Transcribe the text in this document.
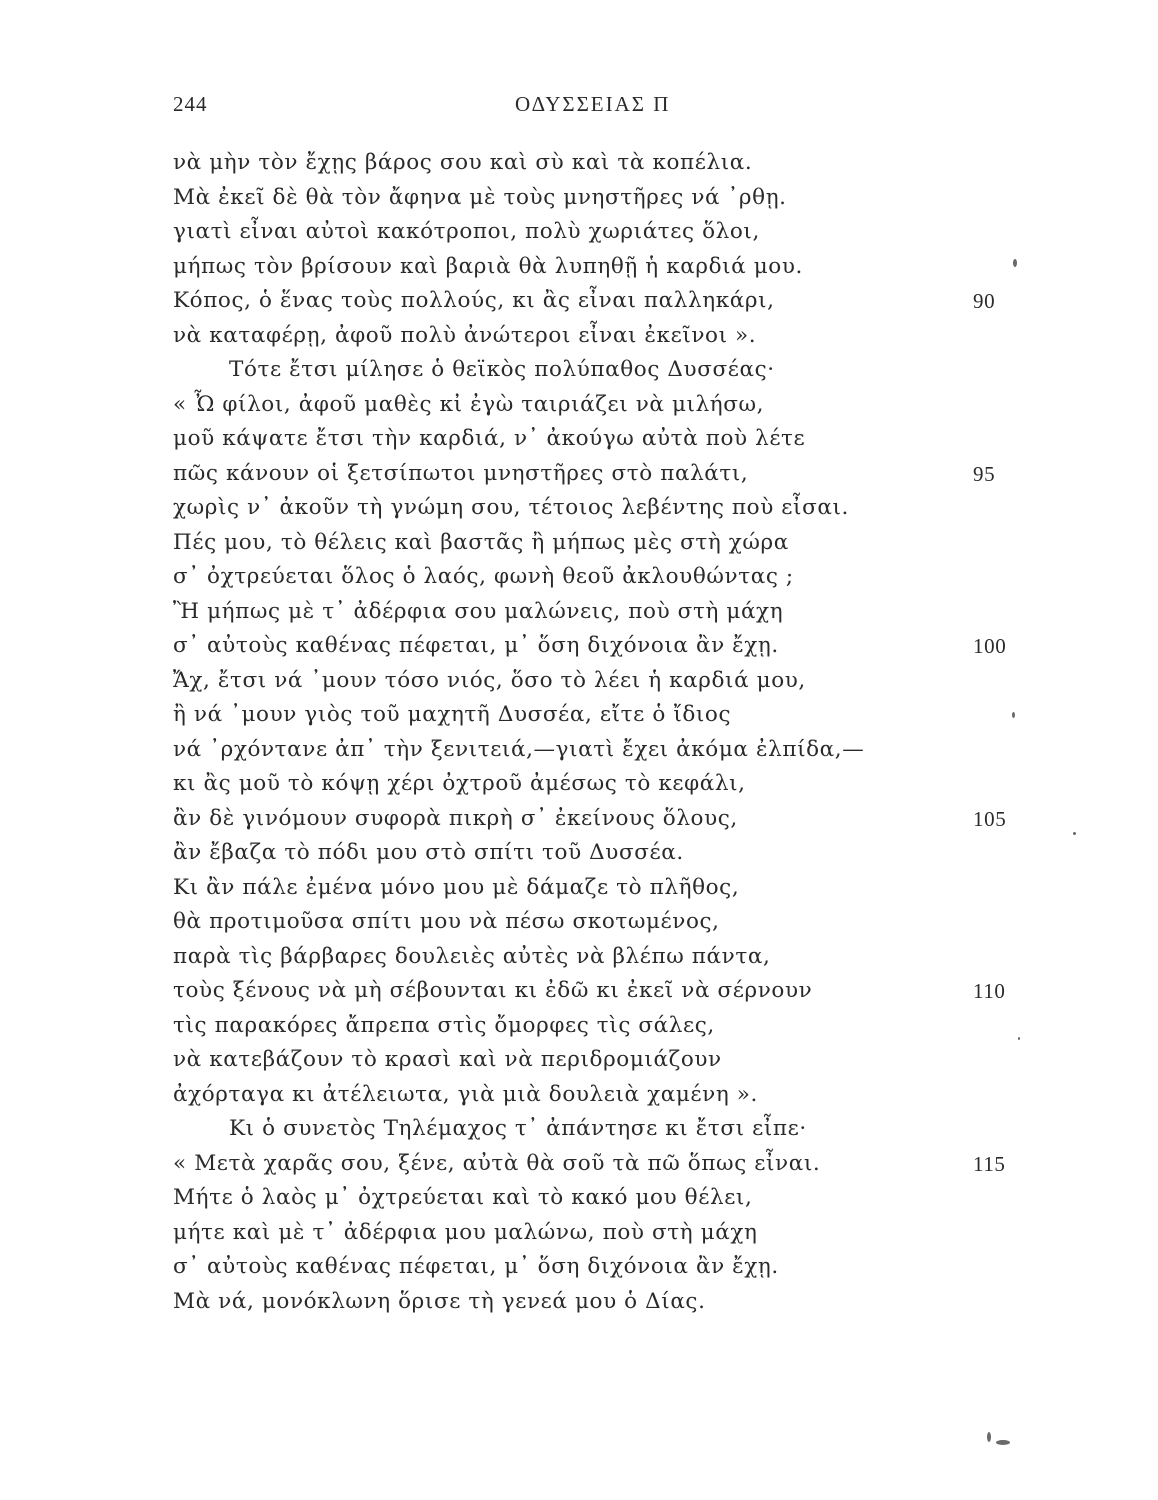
244	ΟΔΥΣΣΕΙΑΣ Π
νὰ μὴν τὸν ἔχῃς βάρος σου καὶ σὺ καὶ τὰ κοπέλια.
Μὰ ἐκεῖ δὲ θὰ τὸν ἄφηνα μὲ τοὺς μνηστῆρες νά ᾿ρθῃ.
γιατὶ εἶναι αὐτοὶ κακότροποι, πολὺ χωριάτες ὅλοι,
μήπως τὸν βρίσουν καὶ βαριὰ θὰ λυπηθῇ ἡ καρδιά μου.
Κόπος, ὁ ἕνας τοὺς πολλούς, κι ἂς εἶναι παλληκάρι,	90
νὰ καταφέρῃ, ἀφοῦ πολὺ ἀνώτεροι εἶναι ἐκεῖνοι ».
Τότε ἔτσι μίλησε ὁ θεϊκὸς πολύπαθος Δυσσέας·
« Ὦ φίλοι, ἀφοῦ μαθὲς κἰ ἐγὼ ταιριάζει νὰ μιλήσω,
μοῦ κάψατε ἔτσι τὴν καρδιά, ν᾿ ἀκούγω αὐτὰ ποὺ λέτε
πῶς κάνουν οἱ ξετσίπωτοι μνηστῆρες στὸ παλάτι,	95
χωρὶς ν᾿ ἀκοῦν τὴ γνώμη σου, τέτοιος λεβέντης ποὺ εἶσαι.
Πές μου, τὸ θέλεις καὶ βαστᾶς ἢ μήπως μὲς στὴ χώρα
σ᾿ ὀχτρεύεται ὅλος ὁ λαός, φωνὴ θεοῦ ἀκλουθώντας ;
Ἢ μήπως μὲ τ᾿ ἀδέρφια σου μαλώνεις, ποὺ στὴ μάχη
σ᾿ αὐτοὺς καθένας πέφεται, μ᾿ ὅση διχόνοια ἂν ἔχῃ.	100
Ἄχ, ἔτσι νά ᾿μουν τόσο νιός, ὅσο τὸ λέει ἡ καρδιά μου,
ἢ νά ᾿μουν γιὸς τοῦ μαχητῆ Δυσσέα, εἴτε ὁ ἴδιος
νά ᾿ρχόντανε ἀπ᾿ τὴν ξενιτειά,—γιατὶ ἔχει ἀκόμα ἐλπίδα,—
κι ἂς μοῦ τὸ κόψῃ χέρι ὀχτροῦ ἀμέσως τὸ κεφάλι,
ἂν δὲ γινόμουν συφορὰ πικρὴ σ᾿ ἐκείνους ὅλους,	105
ἂν ἔβαζα τὸ πόδι μου στὸ σπίτι τοῦ Δυσσέα.
Κι ἂν πάλε ἐμένα μόνο μου μὲ δάμαζε τὸ πλῆθος,
θὰ προτιμοῦσα σπίτι μου νὰ πέσω σκοτωμένος,
παρὰ τὶς βάρβαρες δουλειὲς αὐτὲς νὰ βλέπω πάντα,
τοὺς ξένους νὰ μὴ σέβουνται κι ἐδῶ κι ἐκεῖ νὰ σέρνουν	110
τὶς παρακόρες ἄπρεπα στὶς ὄμορφες τὶς σάλες,
νὰ κατεβάζουν τὸ κρασὶ καὶ νὰ περιδρομιάζουν
ἀχόρταγα κι ἀτέλειωτα, γιὰ μιὰ δουλειὰ χαμένη ».
Κι ὁ συνετὸς Τηλέμαχος τ᾿ ἀπάντησε κι ἔτσι εἶπε·
« Μετὰ χαρᾶς σου, ξένε, αὐτὰ θὰ σοῦ τὰ πῶ ὅπως εἶναι.	115
Μήτε ὁ λαὸς μ᾿ ὀχτρεύεται καὶ τὸ κακό μου θέλει,
μήτε καὶ μὲ τ᾿ ἀδέρφια μου μαλώνω, ποὺ στὴ μάχη
σ᾿ αὐτοὺς καθένας πέφεται, μ᾿ ὅση διχόνοια ἂν ἔχῃ.
Μὰ νά, μονόκλωνη ὅρισε τὴ γενεά μου ὁ Δίας.
